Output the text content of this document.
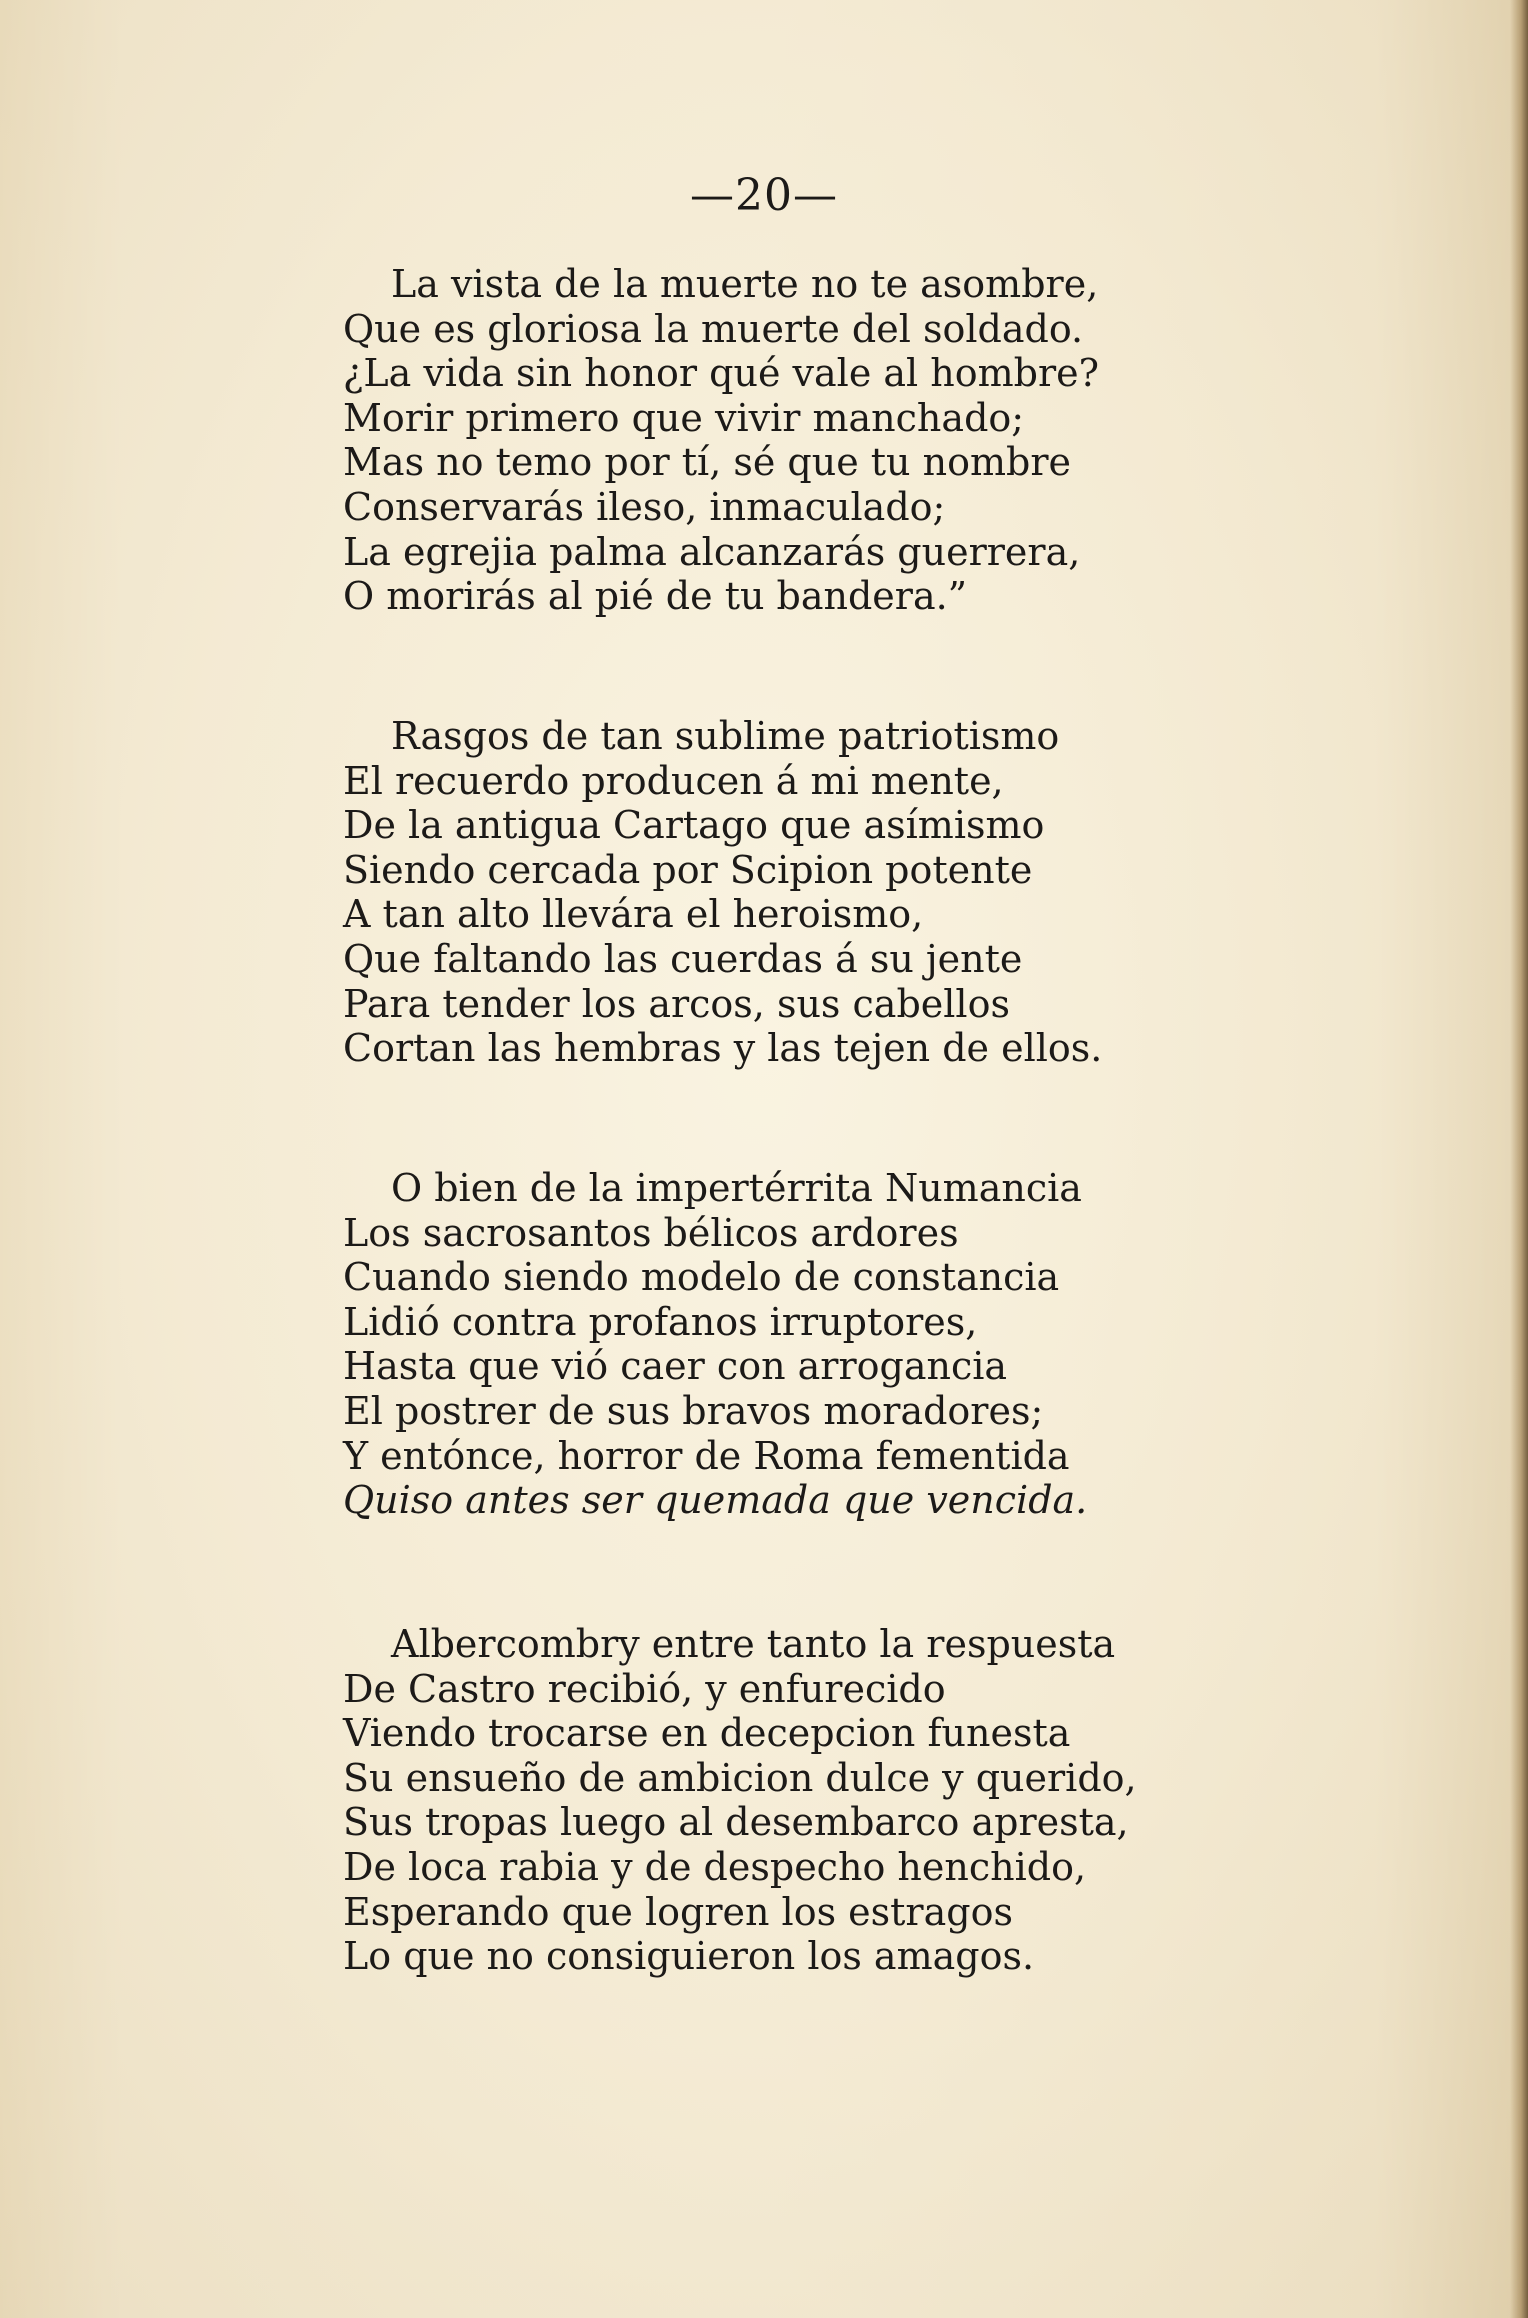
—20—
La vista de la muerte no te asombre,
Que es gloriosa la muerte del soldado.
¿La vida sin honor qué vale al hombre?
Morir primero que vivir manchado;
Mas no temo por tí, sé que tu nombre
Conservarás ileso, inmaculado;
La egrejia palma alcanzarás guerrera,
O morirás al pié de tu bandera.”
Rasgos de tan sublime patriotismo
El recuerdo producen á mi mente,
De la antigua Cartago que asímismo
Siendo cercada por Scipion potente
A tan alto llevára el heroismo,
Que faltando las cuerdas á su jente
Para tender los arcos, sus cabellos
Cortan las hembras y las tejen de ellos.
O bien de la impertérrita Numancia
Los sacrosantos bélicos ardores
Cuando siendo modelo de constancia
Lidió contra profanos irruptores,
Hasta que vió caer con arrogancia
El postrer de sus bravos moradores;
Y entónce, horror de Roma fementida
Quiso antes ser quemada que vencida.
Albercombry entre tanto la respuesta
De Castro recibió, y enfurecido
Viendo trocarse en decepcion funesta
Su ensueño de ambicion dulce y querido,
Sus tropas luego al desembarco apresta,
De loca rabia y de despecho henchido,
Esperando que logren los estragos
Lo que no consiguieron los amagos.
